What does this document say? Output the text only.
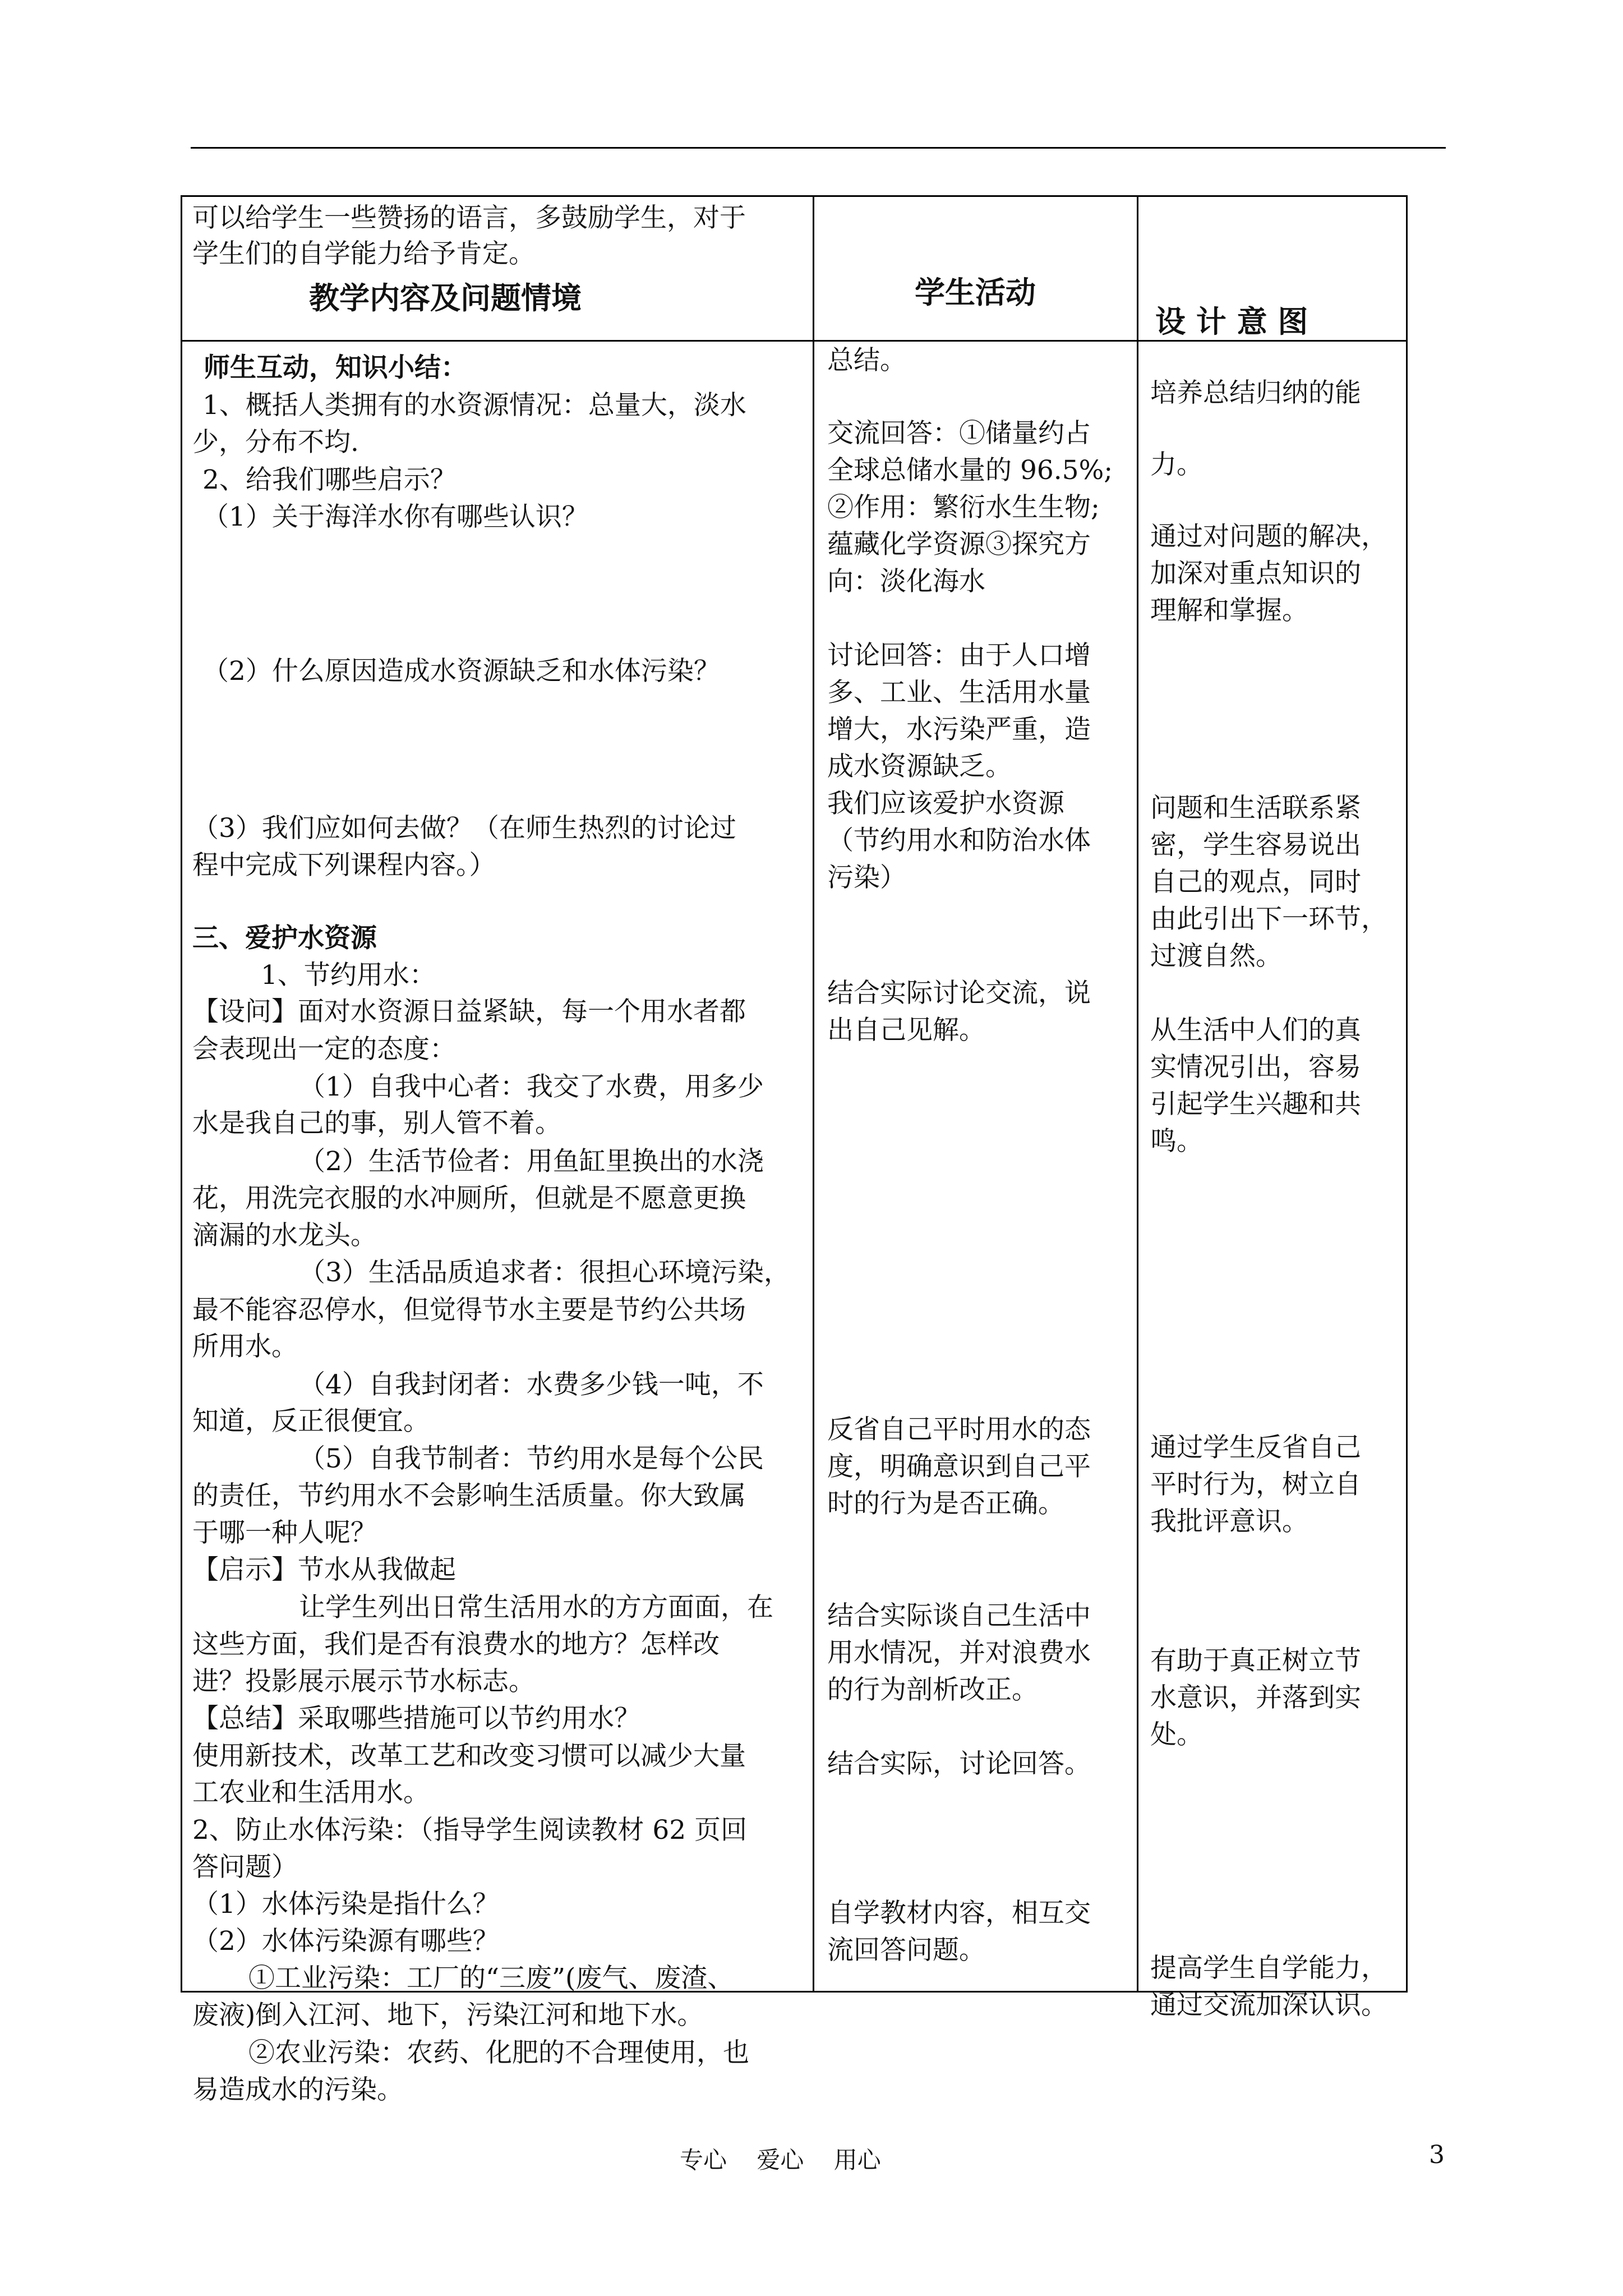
可以给学生一些赞扬的语言，多鼓励学生，对于
学生们的自学能力给予肯定。
教学内容及问题情境	学生活动
设 计 意 图
师生互动，知识小结：
1、概括人类拥有的水资源情况：总量大，淡水
少，分布不均.
2、给我们哪些启示？
（1）关于海洋水你有哪些认识？
（2）什么原因造成水资源缺乏和水体污染？
（3）我们应如何去做？（在师生热烈的讨论过
程中完成下列课程内容。）
三、爱护水资源
1、节约用水：
【设问】面对水资源日益紧缺，每一个用水者都
会表现出一定的态度：
（1）自我中心者：我交了水费，用多少
水是我自己的事，别人管不着。
（2）生活节俭者：用鱼缸里换出的水浇
花，用洗完衣服的水冲厕所，但就是不愿意更换
滴漏的水龙头。
（3）生活品质追求者：很担心环境污染，
最不能容忍停水，但觉得节水主要是节约公共场
所用水。
（4）自我封闭者：水费多少钱一吨，不
知道，反正很便宜。
（5）自我节制者：节约用水是每个公民
的责任，节约用水不会影响生活质量。你大致属
于哪一种人呢？
【启示】节水从我做起
让学生列出日常生活用水的方方面面，在
这些方面，我们是否有浪费水的地方？怎样改
进？投影展示展示节水标志。
【总结】采取哪些措施可以节约用水？
使用新技术，改革工艺和改变习惯可以减少大量
工农业和生活用水。
2、防止水体污染：（指导学生阅读教材 62 页回
答问题）
（1）水体污染是指什么？
（2）水体污染源有哪些？
①工业污染：工厂的“三废”(废气、废渣、
废液)倒入江河、地下，污染江河和地下水。
②农业污染：农药、化肥的不合理使用，也
易造成水的污染。
总结。
交流回答：①储量约占
全球总储水量的 96.5%;
②作用：繁衍水生生物;
蕴藏化学资源③探究方
向：淡化海水
讨论回答：由于人口增
多、工业、生活用水量
增大，水污染严重，造
成水资源缺乏。
我们应该爱护水资源
（节约用水和防治水体
污染）
结合实际讨论交流，说
出自己见解。
反省自己平时用水的态
度，明确意识到自己平
时的行为是否正确。
结合实际谈自己生活中
用水情况，并对浪费水
的行为剖析改正。
结合实际，讨论回答。
自学教材内容，相互交
流回答问题。
培养总结归纳的能
力。
通过对问题的解决，
加深对重点知识的
理解和掌握。
问题和生活联系紧
密，学生容易说出
自己的观点，同时
由此引出下一环节，
过渡自然。
从生活中人们的真
实情况引出，容易
引起学生兴趣和共
鸣。
通过学生反省自己
平时行为，树立自
我批评意识。
有助于真正树立节
水意识，并落到实
处。
提高学生自学能力，
通过交流加深认识。
专心    爱心    用心	3
